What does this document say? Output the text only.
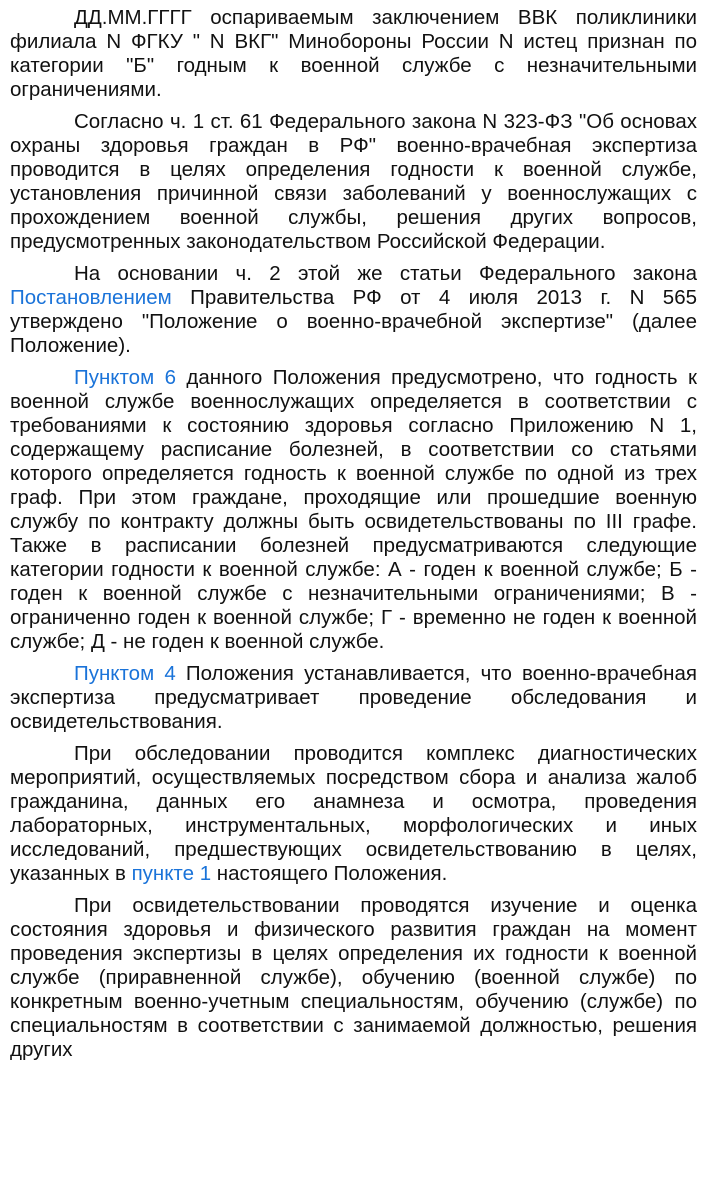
ДД.ММ.ГГГГ оспариваемым заключением ВВК поликлиники филиала N ФГКУ " N ВКГ" Минобороны России N истец признан по категории "Б" годным к военной службе с незначительными ограничениями.

Согласно ч. 1 ст. 61 Федерального закона N 323-ФЗ "Об основах охраны здоровья граждан в РФ" военно-врачебная экспертиза проводится в целях определения годности к военной службе, установления причинной связи заболеваний у военнослужащих с прохождением военной службы, решения других вопросов, предусмотренных законодательством Российской Федерации.

На основании ч. 2 этой же статьи Федерального закона Постановлением Правительства РФ от 4 июля 2013 г. N 565 утверждено "Положение о военно-врачебной экспертизе" (далее Положение).

Пунктом 6 данного Положения предусмотрено, что годность к военной службе военнослужащих определяется в соответствии с требованиями к состоянию здоровья согласно Приложению N 1, содержащему расписание болезней, в соответствии со статьями которого определяется годность к военной службе по одной из трех граф. При этом граждане, проходящие или прошедшие военную службу по контракту должны быть освидетельствованы по III графе. Также в расписании болезней предусматриваются следующие категории годности к военной службе: А - годен к военной службе; Б - годен к военной службе с незначительными ограничениями; В - ограниченно годен к военной службе; Г - временно не годен к военной службе; Д - не годен к военной службе.

Пунктом 4 Положения устанавливается, что военно-врачебная экспертиза предусматривает проведение обследования и освидетельствования.

При обследовании проводится комплекс диагностических мероприятий, осуществляемых посредством сбора и анализа жалоб гражданина, данных его анамнеза и осмотра, проведения лабораторных, инструментальных, морфологических и иных исследований, предшествующих освидетельствованию в целях, указанных в пункте 1 настоящего Положения.

При освидетельствовании проводятся изучение и оценка состояния здоровья и физического развития граждан на момент проведения экспертизы в целях определения их годности к военной службе (приравненной службе), обучению (военной службе) по конкретным военно-учетным специальностям, обучению (службе) по специальностям в соответствии с занимаемой должностью, решения других
